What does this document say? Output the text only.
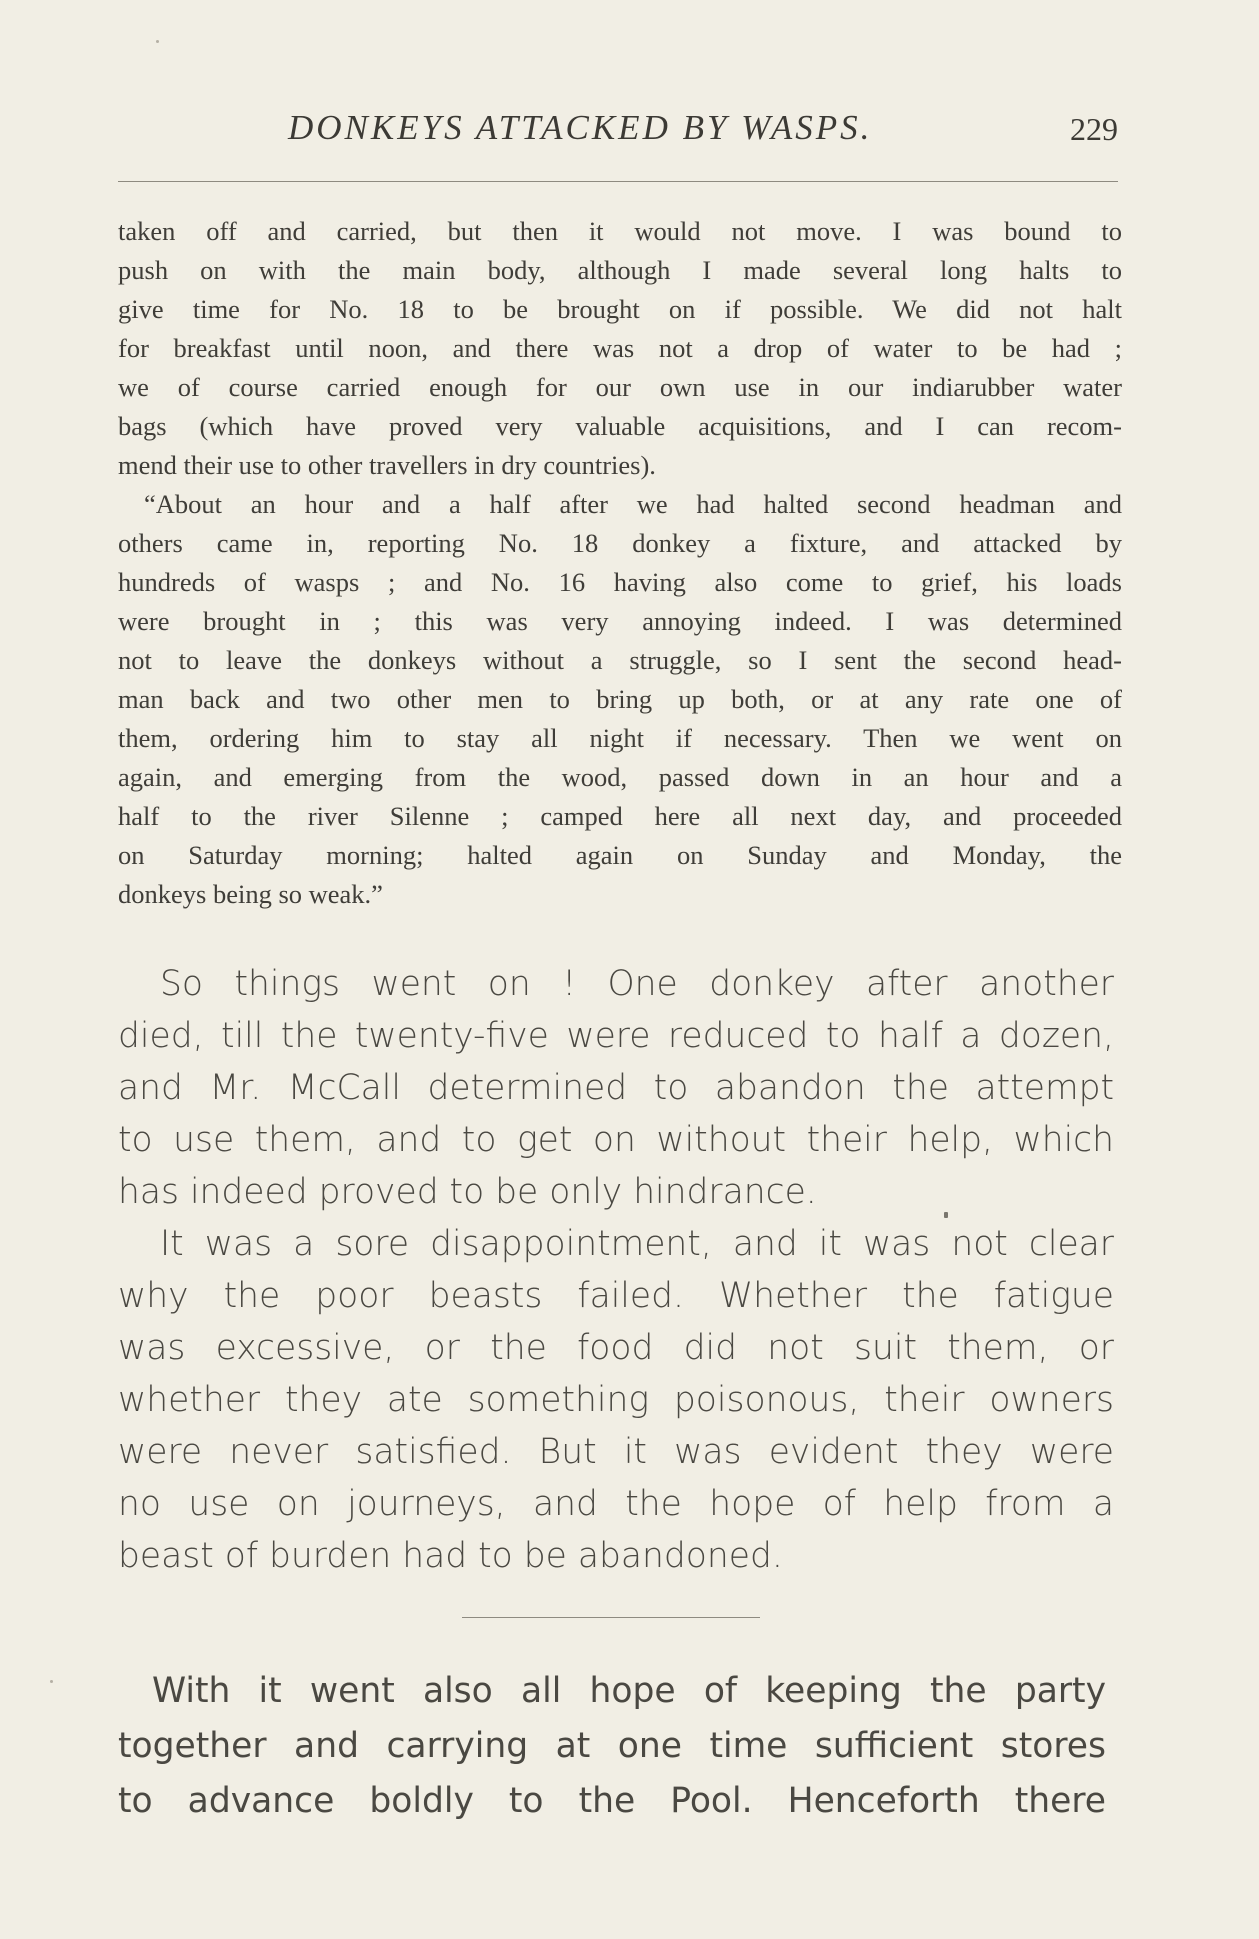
DONKEYS ATTACKED BY WASPS.	229
taken off and carried, but then it would not move. I was bound to
push on with the main body, although I made several long halts to
give time for No. 18 to be brought on if possible. We did not halt
for breakfast until noon, and there was not a drop of water to be had ;
we of course carried enough for our own use in our indiarubber water
bags (which have proved very valuable acquisitions, and I can recom-
mend their use to other travellers in dry countries).
“About an hour and a half after we had halted second headman and
others came in, reporting No. 18 donkey a fixture, and attacked by
hundreds of wasps ; and No. 16 having also come to grief, his loads
were brought in ; this was very annoying indeed. I was determined
not to leave the donkeys without a struggle, so I sent the second head-
man back and two other men to bring up both, or at any rate one of
them, ordering him to stay all night if necessary. Then we went on
again, and emerging from the wood, passed down in an hour and a
half to the river Silenne ; camped here all next day, and proceeded
on Saturday morning; halted again on Sunday and Monday, the
donkeys being so weak.”
So things went on ! One donkey after another
died, till the twenty-five were reduced to half a dozen,
and Mr. McCall determined to abandon the attempt
to use them, and to get on without their help, which
has indeed proved to be only hindrance.
It was a sore disappointment, and it was not clear
why the poor beasts failed. Whether the fatigue
was excessive, or the food did not suit them, or
whether they ate something poisonous, their owners
were never satisfied. But it was evident they were
no use on journeys, and the hope of help from a
beast of burden had to be abandoned.
With it went also all hope of keeping the party
together and carrying at one time sufficient stores
to advance boldly to the Pool. Henceforth there
